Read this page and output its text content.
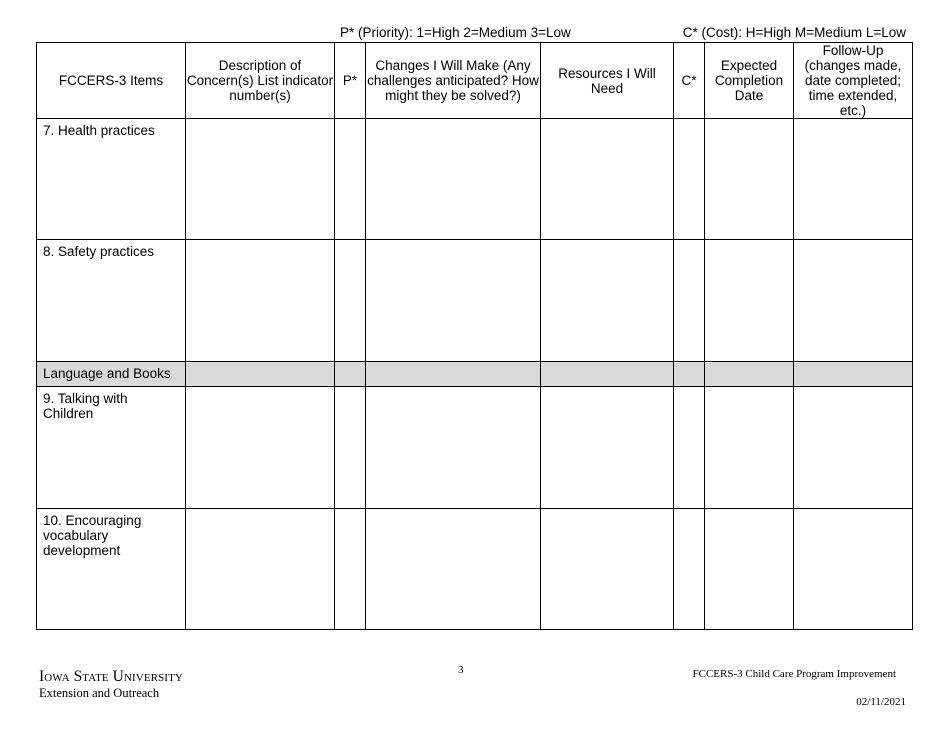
P* (Priority): 1=High 2=Medium 3=Low	C* (Cost): H=High M=Medium L=Low
FCCERS-3 Items	Description of Concern(s) List indicator number(s)	P*	Changes I Will Make (Any challenges anticipated? How might they be solved?)	Resources I Will Need	C*	Expected Completion Date	Follow-Up (changes made, date completed; time extended, etc.)
7. Health practices							
8. Safety practices							
Language and Books							
9. Talking with Children							
10. Encouraging vocabulary development							
Iowa State University
Extension and Outreach
3	FCCERS-3 Child Care Program Improvement
02/11/2021
